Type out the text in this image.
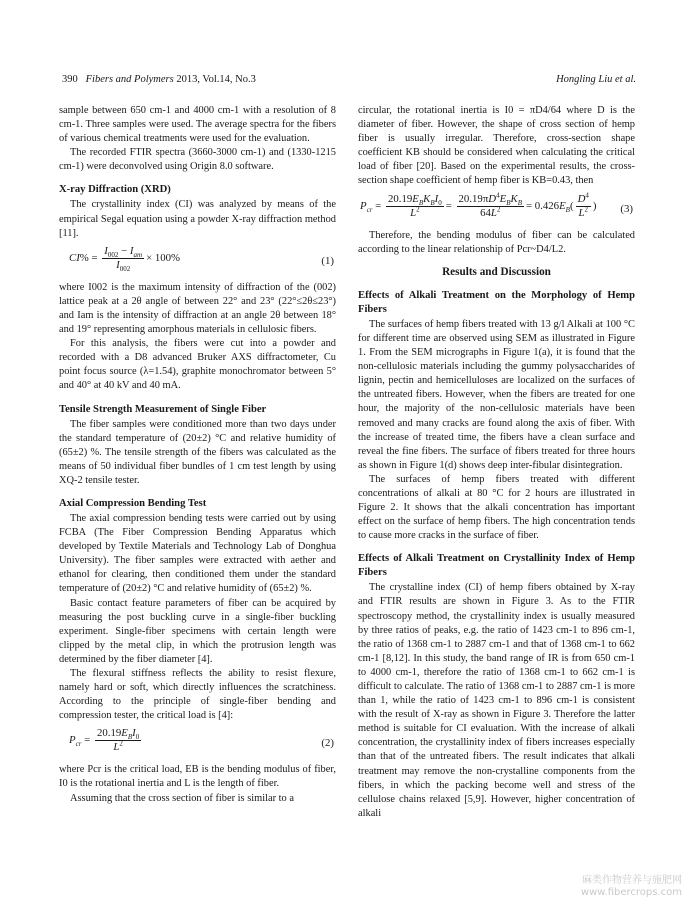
390 Fibers and Polymers 2013, Vol.14, No.3	Hongling Liu et al.

sample between 650 cm-1 and 4000 cm-1 with a resolution of 8 cm-1. Three samples were used. The average spectra for the fibers of various chemical treatments were used for the evaluation.

The recorded FTIR spectra (3660-3000 cm-1) and (1330-1215 cm-1) were deconvolved using Origin 8.0 software.

X-ray Diffraction (XRD)

The crystallinity index (CI) was analyzed by means of the empirical Segal equation using a powder X-ray diffraction method [11].

$CI\% = \frac{I_{002} - I_{am}}{I_{002}} \times 100\%$	(1)

where I002 is the maximum intensity of diffraction of the (002) lattice peak at a 2θ angle of between 22° and 23° (22°≤2θ≤23°) and Iam is the intensity of diffraction at an angle 2θ between 18° and 19° representing amorphous materials in cellulosic fibers.

For this analysis, the fibers were cut into a powder and recorded with a D8 advanced Bruker AXS diffractometer, Cu point focus source (λ=1.54), graphite monochromator between 5° and 40° at 40 kV and 40 mA.

Tensile Strength Measurement of Single Fiber

The fiber samples were conditioned more than two days under the standard temperature of (20±2) °C and relative humidity of (65±2) %. The tensile strength of the fibers was calculated as the means of 50 individual fiber bundles of 1 cm test length by using XQ-2 tensile tester.

Axial Compression Bending Test

The axial compression bending tests were carried out by using FCBA (The Fiber Compression Bending Apparatus which developed by Textile Materials and Technology Lab of Donghua University). The fiber samples were extracted with aether and ethanol for clearing, then conditioned them under the standard temperature of (20±2) °C and relative humidity of (65±2) %.

Basic contact feature parameters of fiber can be acquired by measuring the post buckling curve in a single-fiber buckling experiment. Single-fiber specimens with certain length were clipped by the metal clip, in which the protrusion length was determined by the fiber diameter [4].

The flexural stiffness reflects the ability to resist flexure, namely hard or soft, which directly influences the scratchiness. According to the principle of single-fiber bending and compression tester, the critical load is [4]:

$P_{cr} = \frac{20.19E_BI_0}{L^2}$	(2)

where Pcr is the critical load, EB is the bending modulus of fiber, I0 is the rotational inertia and L is the length of fiber.

Assuming that the cross section of fiber is similar to a

circular, the rotational inertia is I0 = πD4/64 where D is the diameter of fiber. However, the shape of cross section of hemp fiber is usually irregular. Therefore, cross-section shape coefficient KB should be considered when calculating the critical load of fiber [20]. Based on the experimental results, the cross-section shape coefficient of hemp fiber is KB=0.43, then

$P_{cr} = \frac{20.19E_BK_BI_0}{L^2} = \frac{20.19\pi D^4E_BK_B}{64L^2} = 0.426E_B( \frac{D^4}{L^2}$ ) (3)

Therefore, the bending modulus of fiber can be calculated according to the linear relationship of Pcr~D4/L2.

Results and Discussion
Effects of Alkali Treatment on the Morphology of Hemp Fibers

The surfaces of hemp fibers treated with 13 g/l Alkali at 100 °C for different time are observed using SEM as illustrated in Figure 1. From the SEM micrographs in Figure 1(a), it is found that the non-cellulosic materials including the gummy polysaccharides of lignin, pectin and hemicelluloses are localized on the surfaces of the untreated fibers. However, when the fibers are treated for one hour, the majority of the non-cellulosic materials have been removed and many cracks are found along the axis of fiber. With the increase of treated time, the fibers have a clean surface and reveal the fine fibers. The surface of fibers treated for three hours as shown in Figure 1(d) shows deep inter-fibular disintegration.

The surfaces of hemp fibers treated with different concentrations of alkali at 80 °C for 2 hours are illustrated in Figure 2. It shows that the alkali concentration has important effect on the surface of hemp fibers. The high concentration tends to cause more cracks in the surface of fiber.

Effects of Alkali Treatment on Crystallinity Index of Hemp Fibers

The crystalline index (CI) of hemp fibers obtained by X-ray and FTIR results are shown in Figure 3. As to the FTIR spectroscopy method, the crystallinity index is usually measured by three ratios of peaks, e.g. the ratio of 1423 cm-1 to 896 cm-1, the ratio of 1368 cm-1 to 2887 cm-1 and that of 1368 cm-1 to 662 cm-1 [8,12]. In this study, the band range of IR is from 650 cm-1 to 4000 cm-1, therefore the ratio of 1368 cm-1 to 662 cm-1 is difficult to calculate. The ratio of 1368 cm-1 to 2887 cm-1 is more than 1, while the ratio of 1423 cm-1 to 896 cm-1 is consistent with the result of X-ray as shown in Figure 3. Therefore the latter method is suitable for CI evaluation. With the increase of alkali concentration, the crystallinity index of fibers increases especially than that of the untreated fibers. The result indicates that alkali treatment may remove the non-crystalline components from the fibers, in which the packing become well and stress of the cellulose chains relaxed [5,9]. However, higher concentration of alkali

麻类作物营养与施肥网
www.fibercrops.com
